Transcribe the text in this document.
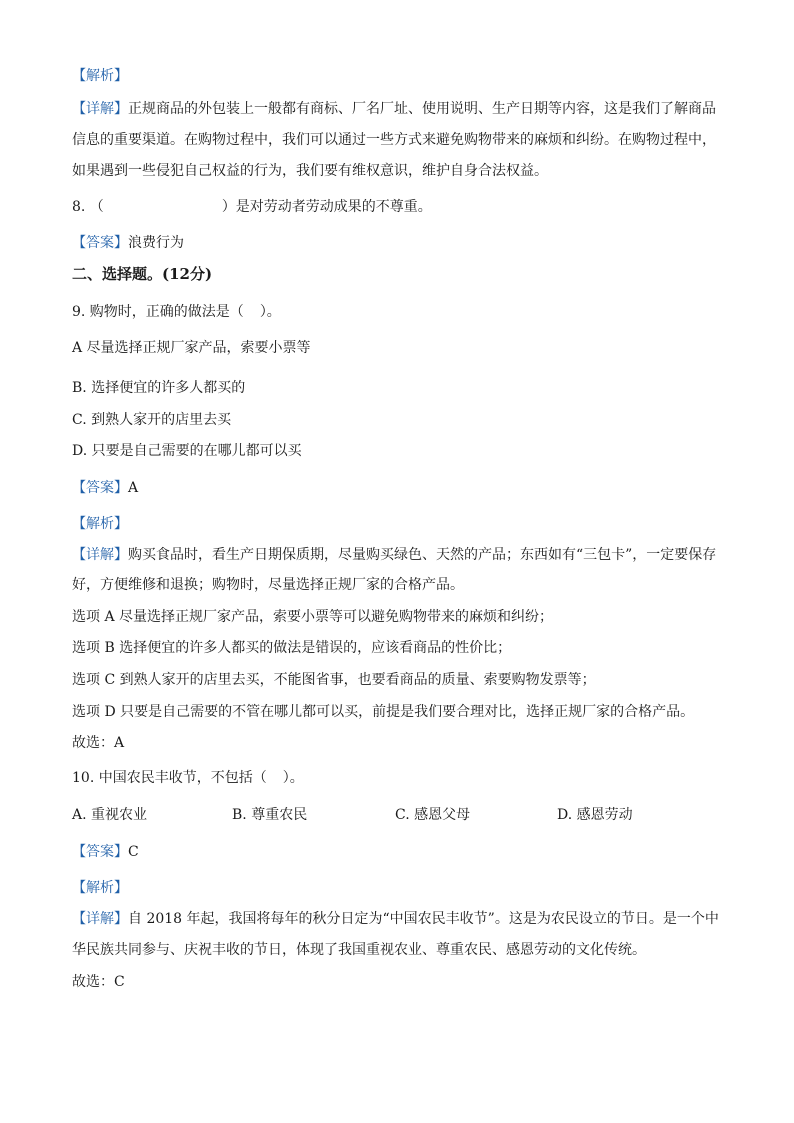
【解析】
【详解】正规商品的外包装上一般都有商标、厂名厂址、使用说明、生产日期等内容，这是我们了解商品
信息的重要渠道。在购物过程中，我们可以通过一些方式来避免购物带来的麻烦和纠纷。在购物过程中，
如果遇到一些侵犯自己权益的行为，我们要有维权意识，维护自身合法权益。
8. （	）是对劳动者劳动成果的不尊重。
【答案】浪费行为
二、选择题。(12分)
9. 购物时，正确的做法是（ ）。
A 尽量选择正规厂家产品，索要小票等
B. 选择便宜的许多人都买的
C. 到熟人家开的店里去买
D. 只要是自己需要的在哪儿都可以买
【答案】A
【解析】
【详解】购买食品时，看生产日期保质期，尽量购买绿色、天然的产品；东西如有“三包卡”，一定要保存
好，方便维修和退换；购物时，尽量选择正规厂家的合格产品。
选项 A 尽量选择正规厂家产品，索要小票等可以避免购物带来的麻烦和纠纷；
选项 B 选择便宜的许多人都买的做法是错误的，应该看商品的性价比；
选项 C 到熟人家开的店里去买，不能图省事，也要看商品的质量、索要购物发票等；
选项 D 只要是自己需要的不管在哪儿都可以买，前提是我们要合理对比，选择正规厂家的合格产品。
故选：A
10. 中国农民丰收节，不包括（ ）。
A. 重视农业	B. 尊重农民	C. 感恩父母	D. 感恩劳动
【答案】C
【解析】
【详解】自 2018 年起，我国将每年的秋分日定为“中国农民丰收节”。这是为农民设立的节日。是一个中
华民族共同参与、庆祝丰收的节日，体现了我国重视农业、尊重农民、感恩劳动的文化传统。
故选：C
